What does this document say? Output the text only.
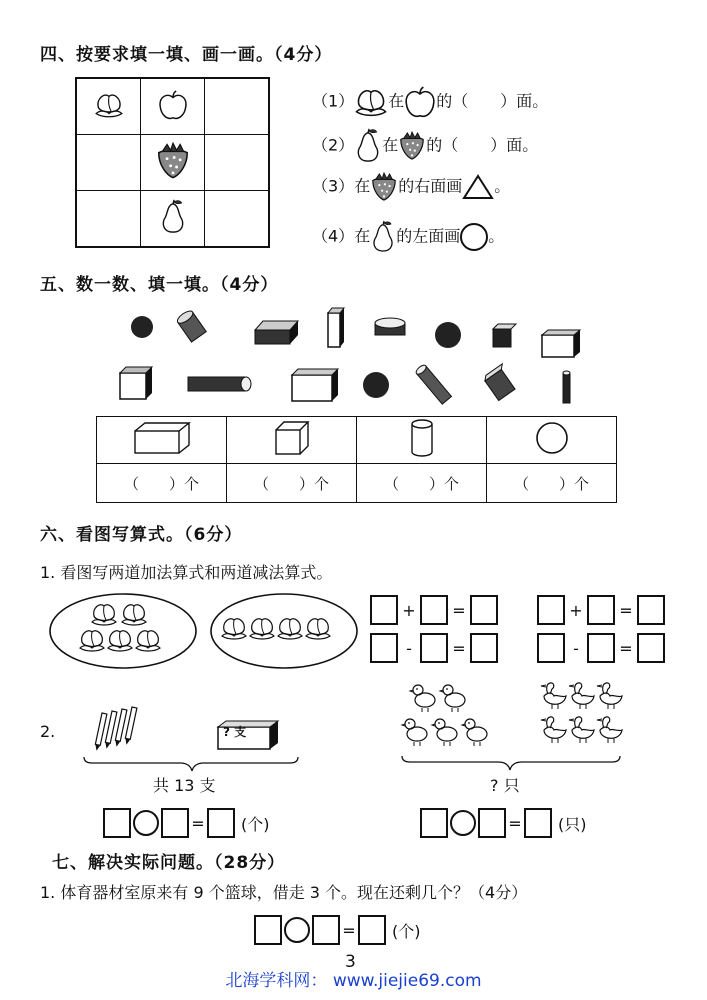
四、按要求填一填、画一画。（4分）

（1） 在 的（　　）面。
（2） 在 的（　　）面。
（3）在 的右面画 。
（4）在 的左面画 。
五、数一数、填一填。（4分）

（　　）个	（　　）个	（　　）个	（　　）个
六、看图写算式。（6分）
1. 看图写两道加法算式和两道减法算式。
+ =	+ =
-	=	-	=
2.	? 支
共 13 支	? 只
= (个)	= (只)
七、解决实际问题。（28分）
1. 体育器材室原来有 9 个篮球，借走 3 个。现在还剩几个？（4分）
= (个)
3
北海学科网： www.jiejie69.com
